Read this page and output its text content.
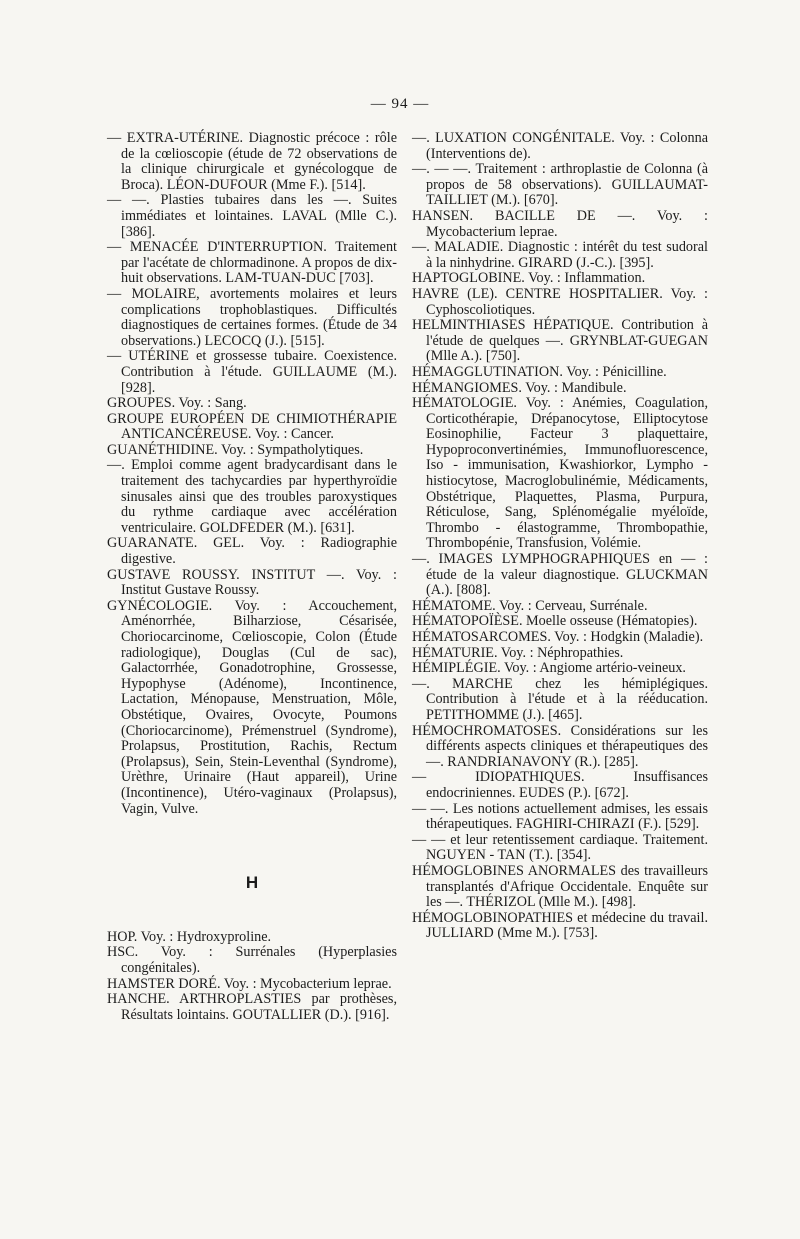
— 94 —

— EXTRA-UTÉRINE. Diagnostic précoce : rôle de la cœlioscopie (étude de 72 observations de la clinique chirurgicale et gynécologque de Broca). LÉON-DUFOUR (Mme F.). [514].

— —. Plasties tubaires dans les —. Suites immédiates et lointaines. LAVAL (Mlle C.). [386].

— MENACÉE D'INTERRUPTION. Traitement par l'acétate de chlormadinone. A propos de dix-huit observations. LAM-TUAN-DUC [703].

— MOLAIRE, avortements molaires et leurs complications trophoblastiques. Difficultés diagnostiques de certaines formes. (Étude de 34 observations.) LECOCQ (J.). [515].

— UTÉRINE et grossesse tubaire. Coexistence. Contribution à l'étude. GUILLAUME (M.). [928].

GROUPES. Voy. : Sang.

GROUPE EUROPÉEN DE CHIMIOTHÉRAPIE ANTICANCÉREUSE. Voy. : Cancer.

GUANÉTHIDINE. Voy. : Sympatholytiques.

—. Emploi comme agent bradycardisant dans le traitement des tachycardies par hyperthyroïdie sinusales ainsi que des troubles paroxystiques du rythme cardiaque avec accélération ventriculaire. GOLDFEDER (M.). [631].

GUARANATE. GEL. Voy. : Radiographie digestive.

GUSTAVE ROUSSY. INSTITUT —. Voy. : Institut Gustave Roussy.

GYNÉCOLOGIE. Voy. : Accouchement, Aménorrhée, Bilharziose, Césarisée, Choriocarcinome, Cœlioscopie, Colon (Étude radiologique), Douglas (Cul de sac), Galactorrhée, Gonadotrophine, Grossesse, Hypophyse (Adénome), Incontinence, Lactation, Ménopause, Menstruation, Môle, Obstétique, Ovaires, Ovocyte, Poumons (Choriocarcinome), Prémenstruel (Syndrome), Prolapsus, Prostitution, Rachis, Rectum (Prolapsus), Sein, Stein-Leventhal (Syndrome), Urèthre, Urinaire (Haut appareil), Urine (Incontinence), Utéro-vaginaux (Prolapsus), Vagin, Vulve.

H

HOP. Voy. : Hydroxyproline.

HSC. Voy. : Surrénales (Hyperplasies congénitales).

HAMSTER DORÉ. Voy. : Mycobacterium leprae.

HANCHE. ARTHROPLASTIES par prothèses, Résultats lointains. GOUTALLIER (D.). [916].

—. LUXATION CONGÉNITALE. Voy. : Colonna (Interventions de).

—. — —. Traitement : arthroplastie de Colonna (à propos de 58 observations). GUILLAUMAT-TAILLIET (M.). [670].

HANSEN. BACILLE DE —. Voy. : Mycobacterium leprae.

—. MALADIE. Diagnostic : intérêt du test sudoral à la ninhydrine. GIRARD (J.-C.). [395].

HAPTOGLOBINE. Voy. : Inflammation.

HAVRE (LE). CENTRE HOSPITALIER. Voy. : Cyphoscoliotiques.

HELMINTHIASES HÉPATIQUE. Contribution à l'étude de quelques —. GRYNBLAT-GUEGAN (Mlle A.). [750].

HÉMAGGLUTINATION. Voy. : Pénicilline.

HÉMANGIOMES. Voy. : Mandibule.

HÉMATOLOGIE. Voy. : Anémies, Coagulation, Corticothérapie, Drépanocytose, Elliptocytose Eosinophilie, Facteur 3 plaquettaire, Hypoproconvertinémies, Immunofluorescence, Iso - immunisation, Kwashiorkor, Lympho - histiocytose, Macroglobulinémie, Médicaments, Obstétrique, Plaquettes, Plasma, Purpura, Réticulose, Sang, Splénomégalie myéloïde, Thrombo - élastogramme, Thrombopathie, Thrombopénie, Transfusion, Volémie.

—. IMAGES LYMPHOGRAPHIQUES en — : étude de la valeur diagnostique. GLUCKMAN (A.). [808].

HÉMATOME. Voy. : Cerveau, Surrénale.

HÉMATOPOÏÈSE. Moelle osseuse (Hématopies).

HÉMATOSARCOMES. Voy. : Hodgkin (Maladie).

HÉMATURIE. Voy. : Néphropathies.

HÉMIPLÉGIE. Voy. : Angiome artério-veineux.

—. MARCHE chez les hémiplégiques. Contribution à l'étude et à la rééducation. PETITHOMME (J.). [465].

HÉMOCHROMATOSES. Considérations sur les différents aspects cliniques et thérapeutiques des —. RANDRIANAVONY (R.). [285].

— IDIOPATHIQUES. Insuffisances endocriniennes. EUDES (P.). [672].

— —. Les notions actuellement admises, les essais thérapeutiques. FAGHIRI-CHIRAZI (F.). [529].

— — et leur retentissement cardiaque. Traitement. NGUYEN - TAN (T.). [354].

HÉMOGLOBINES ANORMALES des travailleurs transplantés d'Afrique Occidentale. Enquête sur les —. THÉRIZOL (Mlle M.). [498].

HÉMOGLOBINOPATHIES et médecine du travail. JULLIARD (Mme M.). [753].
